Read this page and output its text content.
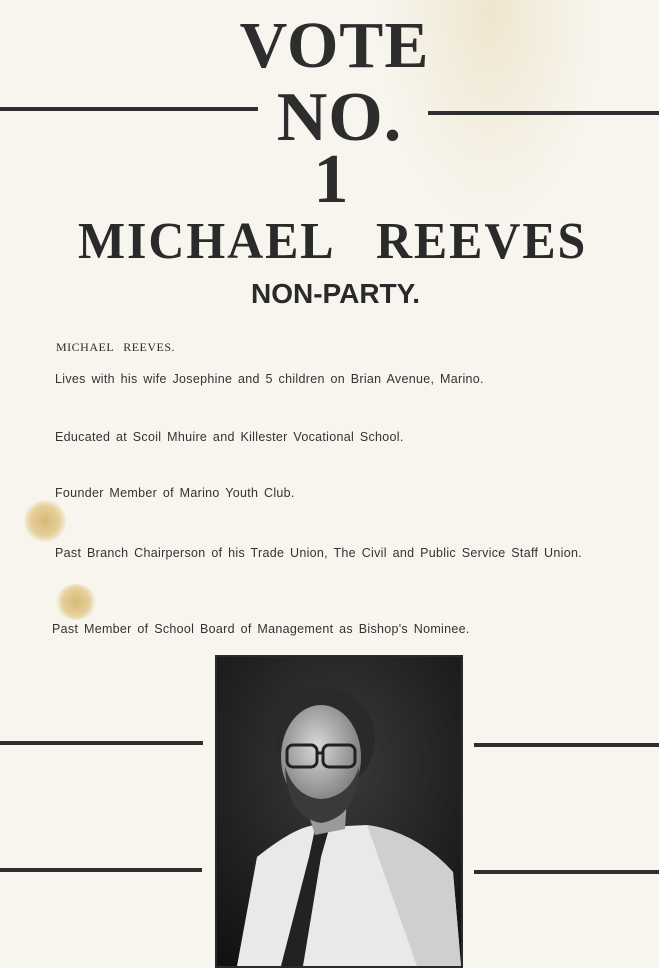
VOTE
NO.
1
MICHAEL   REEVES
NON-PARTY.
MICHAEL REEVES.
Lives with his wife Josephine and 5 children on Brian Avenue, Marino.
Educated at Scoil Mhuire and Killester Vocational School.
Founder Member of Marino Youth Club.
Past Branch Chairperson of his Trade Union, The Civil and Public Service Staff Union.
Past Member of School Board of Management as Bishop's Nominee.
